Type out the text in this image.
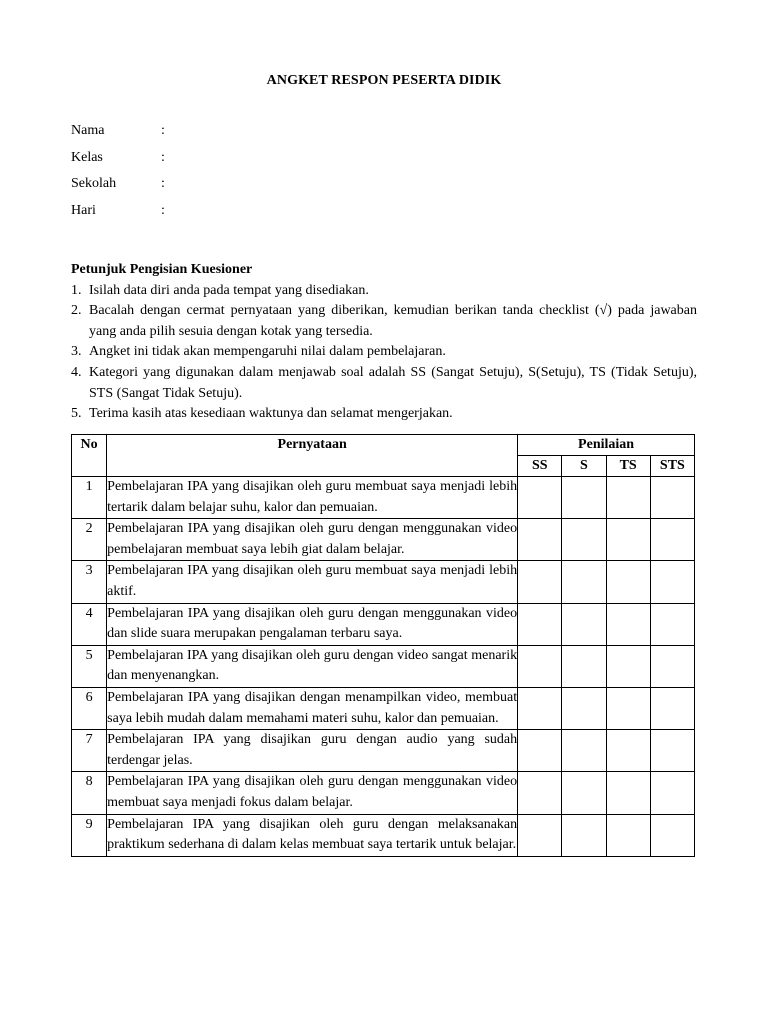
ANGKET RESPON PESERTA DIDIK
Nama	:
Kelas	:
Sekolah	:
Hari	:
Petunjuk Pengisian Kuesioner
1. Isilah data diri anda pada tempat yang disediakan.
2. Bacalah dengan cermat pernyataan yang diberikan, kemudian berikan tanda checklist (√) pada jawaban yang anda pilih sesuia dengan kotak yang tersedia.
3. Angket ini tidak akan mempengaruhi nilai dalam pembelajaran.
4. Kategori yang digunakan dalam menjawab soal adalah SS (Sangat Setuju), S(Setuju), TS (Tidak Setuju), STS (Sangat Tidak Setuju).
5. Terima kasih atas kesediaan waktunya dan selamat mengerjakan.
No	Pernyataan	Penilaian			
		SS	S	TS	STS
1	Pembelajaran IPA yang disajikan oleh guru membuat saya menjadi lebih tertarik dalam belajar suhu, kalor dan pemuaian.				
2	Pembelajaran IPA yang disajikan oleh guru dengan menggunakan video pembelajaran membuat saya lebih giat dalam belajar.				
3	Pembelajaran IPA yang disajikan oleh guru membuat saya menjadi lebih aktif.				
4	Pembelajaran IPA yang disajikan oleh guru dengan menggunakan video dan slide suara merupakan pengalaman terbaru saya.				
5	Pembelajaran IPA yang disajikan oleh guru dengan video sangat menarik dan menyenangkan.				
6	Pembelajaran IPA yang disajikan dengan menampilkan video, membuat saya lebih mudah dalam memahami materi suhu, kalor dan pemuaian.				
7	Pembelajaran IPA yang disajikan guru dengan audio yang sudah terdengar jelas.				
8	Pembelajaran IPA yang disajikan oleh guru dengan menggunakan video membuat saya menjadi fokus dalam belajar.				
9	Pembelajaran IPA yang disajikan oleh guru dengan melaksanakan praktikum sederhana di dalam kelas membuat saya tertarik untuk belajar.				
